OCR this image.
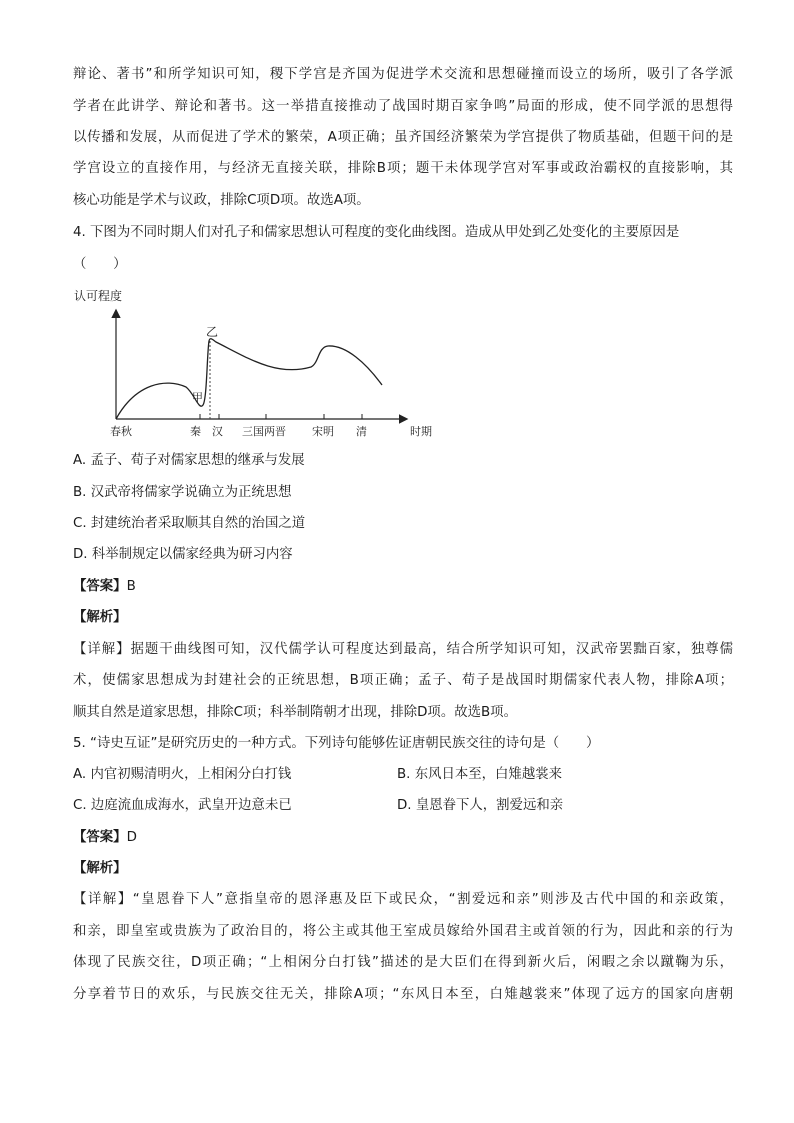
辩论、著书”和所学知识可知，稷下学宫是齐国为促进学术交流和思想碰撞而设立的场所，吸引了各学派
学者在此讲学、辩论和著书。这一举措直接推动了战国时期百家争鸣”局面的形成，使不同学派的思想得
以传播和发展，从而促进了学术的繁荣，A项正确；虽齐国经济繁荣为学宫提供了物质基础，但题干问的是
学宫设立的直接作用，与经济无直接关联，排除B项；题干未体现学宫对军事或政治霸权的直接影响，其
核心功能是学术与议政，排除C项D项。故选A项。
4. 下图为不同时期人们对孔子和儒家思想认可程度的变化曲线图。造成从甲处到乙处变化的主要原因是
（　　）
认可程度
乙
甲
春秋	秦 汉 三国两晋 宋明 清	时期
A. 孟子、荀子对儒家思想的继承与发展
B. 汉武帝将儒家学说确立为正统思想
C. 封建统治者采取顺其自然的治国之道
D. 科举制规定以儒家经典为研习内容
【答案】B
【解析】
【详解】据题干曲线图可知，汉代儒学认可程度达到最高，结合所学知识可知，汉武帝罢黜百家，独尊儒
术，使儒家思想成为封建社会的正统思想，B项正确；孟子、荀子是战国时期儒家代表人物，排除A项；
顺其自然是道家思想，排除C项；科举制隋朝才出现，排除D项。故选B项。
5. “诗史互证”是研究历史的一种方式。下列诗句能够佐证唐朝民族交往的诗句是（　　）
A. 内官初赐清明火，上相闲分白打钱	B. 东风日本至，白雉越裳来
C. 边庭流血成海水，武皇开边意未已	D. 皇恩眷下人，割爱远和亲
【答案】D
【解析】
【详解】“皇恩眷下人”意指皇帝的恩泽惠及臣下或民众，“割爱远和亲”则涉及古代中国的和亲政策，
和亲，即皇室或贵族为了政治目的，将公主或其他王室成员嫁给外国君主或首领的行为，因此和亲的行为
体现了民族交往，D项正确；“上相闲分白打钱”描述的是大臣们在得到新火后，闲暇之余以蹴鞠为乐，
分享着节日的欢乐，与民族交往无关，排除A项；“东风日本至，白雉越裳来”体现了远方的国家向唐朝
